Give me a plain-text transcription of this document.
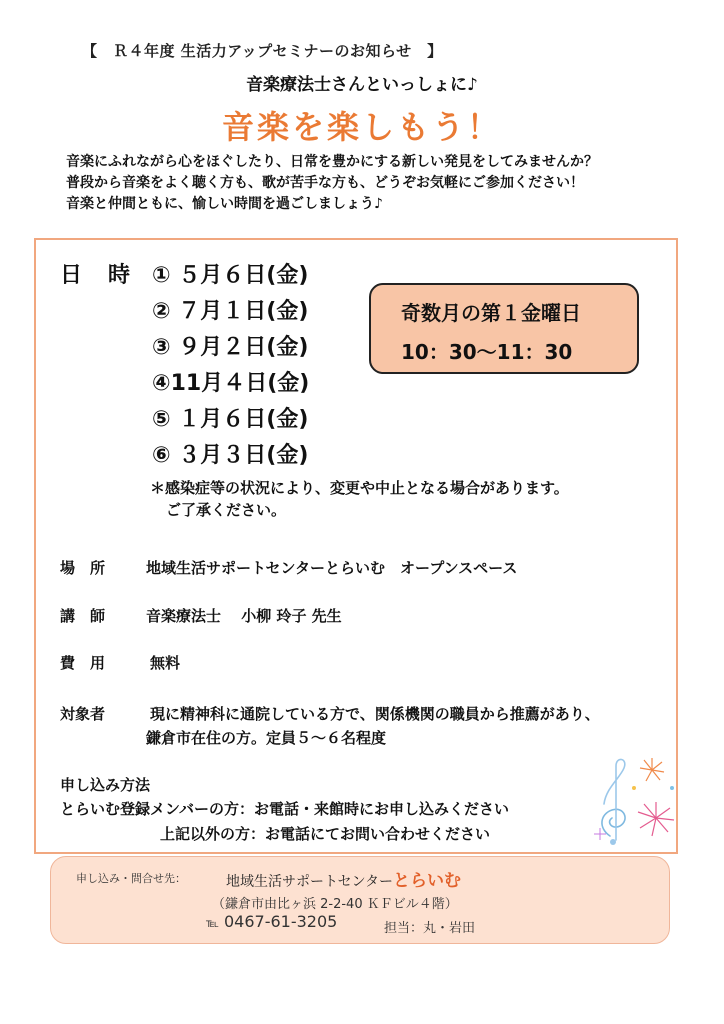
【　Ｒ４年度 生活力アップセミナーのお知らせ　】
音楽療法士さんといっしょに♪
音楽を楽しもう！
音楽にふれながら心をほぐしたり、日常を豊かにする新しい発見をしてみませんか？
普段から音楽をよく聴く方も、歌が苦手な方も、どうぞお気軽にご参加ください！
音楽と仲間ともに、愉しい時間を過ごしましょう♪
日　時 ① ５月６日(金)
② ７月１日(金)
③ ９月２日(金)
④11月４日(金)
⑤ １月６日(金)
⑥ ３月３日(金)
＊感染症等の状況により、変更や中止となる場合があります。
ご了承ください。
奇数月の第１金曜日
10：30〜11：30
場　所	地域生活サポートセンターとらいむ　オープンスペース
講　師	音楽療法士　 小柳 玲子 先生
費　用	無料
対象者	現に精神科に通院している方で、関係機関の職員から推薦があり、
鎌倉市在住の方。定員５〜６名程度
申し込み方法
とらいむ登録メンバーの方：お電話・来館時にお申し込みください
上記以外の方：お電話にてお問い合わせください
申し込み・問合せ先：	地域生活サポートセンターとらいむ
（鎌倉市由比ヶ浜 2-2-40 ＫＦビル４階）
℡ 0467-61-3205	担当：丸・岩田
